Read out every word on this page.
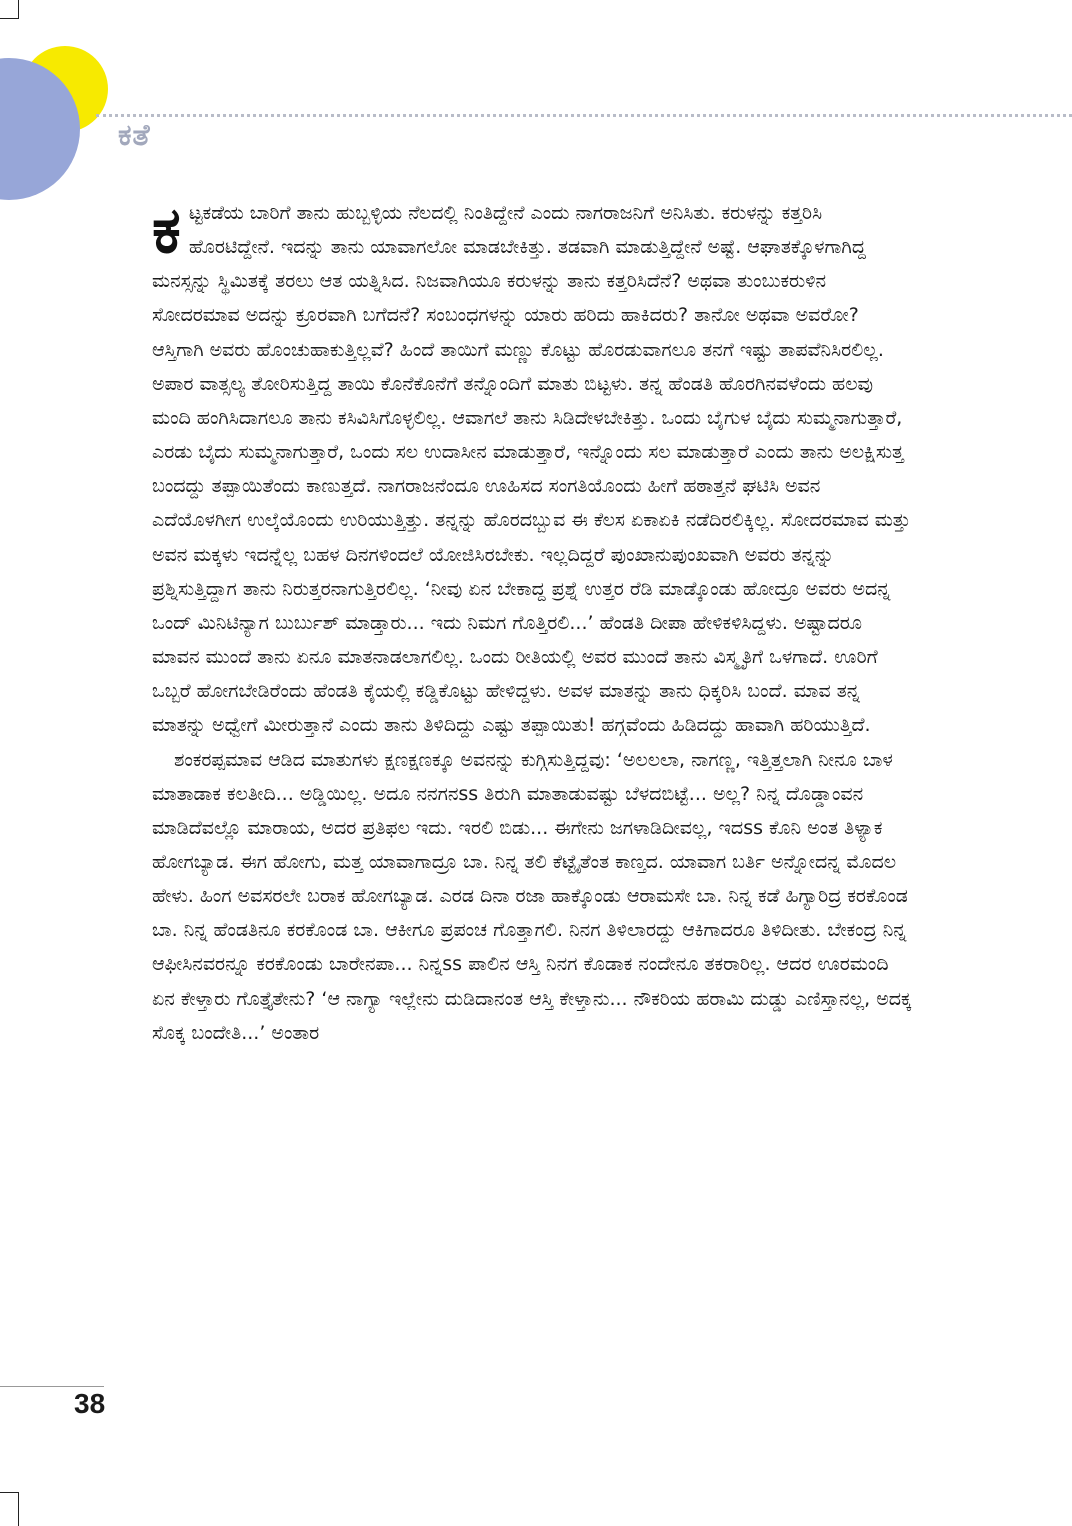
ಕತೆ

ಕಟ್ಟಕಡೆಯ ಬಾರಿಗೆ ತಾನು ಹುಬ್ಬಳ್ಳಿಯ ನೆಲದಲ್ಲಿ ನಿಂತಿದ್ದೇನೆ ಎಂದು ನಾಗರಾಜನಿಗೆ ಅನಿಸಿತು. ಕರುಳನ್ನು ಕತ್ತರಿಸಿ ಹೊರಟಿದ್ದೇನೆ. ಇದನ್ನು ತಾನು ಯಾವಾಗಲೋ ಮಾಡಬೇಕಿತ್ತು. ತಡವಾಗಿ ಮಾಡುತ್ತಿದ್ದೇನೆ ಅಷ್ಟೆ. ಆಘಾತಕ್ಕೊಳಗಾಗಿದ್ದ ಮನಸ್ಸನ್ನು ಸ್ಥಿಮಿತಕ್ಕೆ ತರಲು ಆತ ಯತ್ನಿಸಿದ. ನಿಜವಾಗಿಯೂ ಕರುಳನ್ನು ತಾನು ಕತ್ತರಿಸಿದೆನೆ? ಅಥವಾ ತುಂಬುಕರುಳಿನ ಸೋದರಮಾವ ಅದನ್ನು ಕ್ರೂರವಾಗಿ ಬಗೆದನೆ? ಸಂಬಂಧಗಳನ್ನು ಯಾರು ಹರಿದು ಹಾಕಿದರು? ತಾನೋ ಅಥವಾ ಅವರೋ? ಆಸ್ತಿಗಾಗಿ ಅವರು ಹೊಂಚುಹಾಕುತ್ತಿಲ್ಲವೆ? ಹಿಂದೆ ತಾಯಿಗೆ ಮಣ್ಣು ಕೊಟ್ಟು ಹೊರಡುವಾಗಲೂ ತನಗೆ ಇಷ್ಟು ತಾಪವೆನಿಸಿರಲಿಲ್ಲ. ಅಪಾರ ವಾತ್ಸಲ್ಯ ತೋರಿಸುತ್ತಿದ್ದ ತಾಯಿ ಕೊನೆಕೊನೆಗೆ ತನ್ನೊಂದಿಗೆ ಮಾತು ಬಿಟ್ಟಳು. ತನ್ನ ಹೆಂಡತಿ ಹೊರಗಿನವಳೆಂದು ಹಲವು ಮಂದಿ ಹಂಗಿಸಿದಾಗಲೂ ತಾನು ಕಸಿವಿಸಿಗೊಳ್ಳಲಿಲ್ಲ. ಆವಾಗಲೆ ತಾನು ಸಿಡಿದೇಳಬೇಕಿತ್ತು. ಒಂದು ಬೈಗುಳ ಬೈದು ಸುಮ್ಮನಾಗುತ್ತಾರೆ, ಎರಡು ಬೈದು ಸುಮ್ಮನಾಗುತ್ತಾರೆ, ಒಂದು ಸಲ ಉದಾಸೀನ ಮಾಡುತ್ತಾರೆ, ಇನ್ನೊಂದು ಸಲ ಮಾಡುತ್ತಾರೆ ಎಂದು ತಾನು ಅಲಕ್ಷಿಸುತ್ತ ಬಂದದ್ದು ತಪ್ಪಾಯಿತೆಂದು ಕಾಣುತ್ತದೆ. ನಾಗರಾಜನೆಂದೂ ಊಹಿಸದ ಸಂಗತಿಯೊಂದು ಹೀಗೆ ಹಠಾತ್ತನೆ ಘಟಿಸಿ ಅವನ ಎದೆಯೊಳಗೀಗ ಉಲ್ಕೆಯೊಂದು ಉರಿಯುತ್ತಿತ್ತು. ತನ್ನನ್ನು ಹೊರದಬ್ಬುವ ಈ ಕೆಲಸ ಏಕಾಏಕಿ ನಡೆದಿರಲಿಕ್ಕಿಲ್ಲ. ಸೋದರಮಾವ ಮತ್ತು ಅವನ ಮಕ್ಕಳು ಇದನ್ನೆಲ್ಲ ಬಹಳ ದಿನಗಳಿಂದಲೆ ಯೋಜಿಸಿರಬೇಕು. ಇಲ್ಲದಿದ್ದರೆ ಪುಂಖಾನುಪುಂಖವಾಗಿ ಅವರು ತನ್ನನ್ನು ಪ್ರಶ್ನಿಸುತ್ತಿದ್ದಾಗ ತಾನು ನಿರುತ್ತರನಾಗುತ್ತಿರಲಿಲ್ಲ. ‘ನೀವು ಏನ ಬೇಕಾದ್ದ ಪ್ರಶ್ನೆ ಉತ್ತರ ರೆಡಿ ಮಾಡ್ಕೊಂಡು ಹೋದ್ರೂ ಅವರು ಅದನ್ನ ಒಂದ್ ಮಿನಿಟಿನ್ಯಾಗ ಬುರ್ಬುಶ್ ಮಾಡ್ತಾರು... ಇದು ನಿಮಗ ಗೊತ್ತಿರಲಿ...’ ಹೆಂಡತಿ ದೀಪಾ ಹೇಳಿಕಳಿಸಿದ್ದಳು. ಅಷ್ಟಾದರೂ ಮಾವನ ಮುಂದೆ ತಾನು ಏನೂ ಮಾತನಾಡಲಾಗಲಿಲ್ಲ. ಒಂದು ರೀತಿಯಲ್ಲಿ ಅವರ ಮುಂದೆ ತಾನು ವಿಸ್ಮೃತಿಗೆ ಒಳಗಾದೆ. ಊರಿಗೆ ಒಬ್ಬರೆ ಹೋಗಬೇಡಿರೆಂದು ಹೆಂಡತಿ ಕೈಯಲ್ಲಿ ಕಡ್ಡಿಕೊಟ್ಟು ಹೇಳಿದ್ದಳು. ಅವಳ ಮಾತನ್ನು ತಾನು ಧಿಕ್ಕರಿಸಿ ಬಂದೆ. ಮಾವ ತನ್ನ ಮಾತನ್ನು ಅಧ್ವೇಗೆ ಮೀರುತ್ತಾನೆ ಎಂದು ತಾನು ತಿಳಿದಿದ್ದು ಎಷ್ಟು ತಪ್ಪಾಯಿತು! ಹಗ್ಗವೆಂದು ಹಿಡಿದದ್ದು ಹಾವಾಗಿ ಹರಿಯುತ್ತಿದೆ.

ಶಂಕರಪ್ಪಮಾವ ಆಡಿದ ಮಾತುಗಳು ಕ್ಷಣಕ್ಷಣಕ್ಕೂ ಅವನನ್ನು ಕುಗ್ಗಿಸುತ್ತಿದ್ದವು: ‘ಅಲಲಲಾ, ನಾಗಣ್ಣ, ಇತ್ತಿತ್ತಲಾಗಿ ನೀನೂ ಬಾಳ ಮಾತಾಡಾಕ ಕಲತೀದಿ... ಅಡ್ಡಿಯಿಲ್ಲ. ಅದೂ ನನಗನss ತಿರುಗಿ ಮಾತಾಡುವಷ್ಟು ಬೆಳದಬಿಟ್ಟೆ... ಅಲ್ಲ? ನಿನ್ನ ದೊಡ್ಡಾಂವನ ಮಾಡಿದೆವಲ್ಲೊ ಮಾರಾಯ, ಅದರ ಪ್ರತಿಫಲ ಇದು. ಇರಲಿ ಬಿಡು... ಈಗೇನು ಜಗಳಾಡಿದೀವಲ್ಲ, ಇದss ಕೊನಿ ಅಂತ ತಿಳ್ಯಾಕ ಹೋಗಬ್ಯಾಡ. ಈಗ ಹೋಗು, ಮತ್ತ ಯಾವಾಗಾದ್ರೂ ಬಾ. ನಿನ್ನ ತಲಿ ಕೆಟ್ಟೈತೆಂತ ಕಾಣ್ತದ. ಯಾವಾಗ ಬರ್ತಿ ಅನ್ನೋದನ್ನ ಮೊದಲ ಹೇಳು. ಹಿಂಗ ಅವಸರಲೇ ಬರಾಕ ಹೋಗಬ್ಯಾಡ. ಎರಡ ದಿನಾ ರಜಾ ಹಾಕ್ಕೊಂಡು ಆರಾಮಸೇ ಬಾ. ನಿನ್ನ ಕಡೆ ಹಿಗ್ಯಾರಿದ್ರ ಕರಕೊಂಡ ಬಾ. ನಿನ್ನ ಹೆಂಡತಿನೂ ಕರಕೊಂಡ ಬಾ. ಆಕೀಗೂ ಪ್ರಪಂಚ ಗೊತ್ತಾಗಲಿ. ನಿನಗ ತಿಳಿಲಾರದ್ದು ಆಕಿಗಾದರೂ ತಿಳಿದೀತು. ಬೇಕಂದ್ರ ನಿನ್ನ ಆಫೀಸಿನವರನ್ನೂ ಕರಕೊಂಡು ಬಾರೇನಪಾ... ನಿನ್ನss ಪಾಲಿನ ಆಸ್ತಿ ನಿನಗ ಕೊಡಾಕ ನಂದೇನೂ ತಕರಾರಿಲ್ಲ. ಆದರ ಊರಮಂದಿ ಏನ ಕೇಳ್ತಾರು ಗೊತ್ತೈತೇನು? ‘ಆ ನಾಗ್ಯಾ ಇಲ್ಲೇನು ದುಡಿದಾನಂತ ಆಸ್ತಿ ಕೇಳ್ತಾನು... ನೌಕರಿಯ ಹರಾಮಿ ದುಡ್ಡು ಎಣಿಸ್ತಾನಲ್ಲ, ಅದಕ್ಕ ಸೊಕ್ಕ ಬಂದೇತಿ...’ ಅಂತಾರ

38
